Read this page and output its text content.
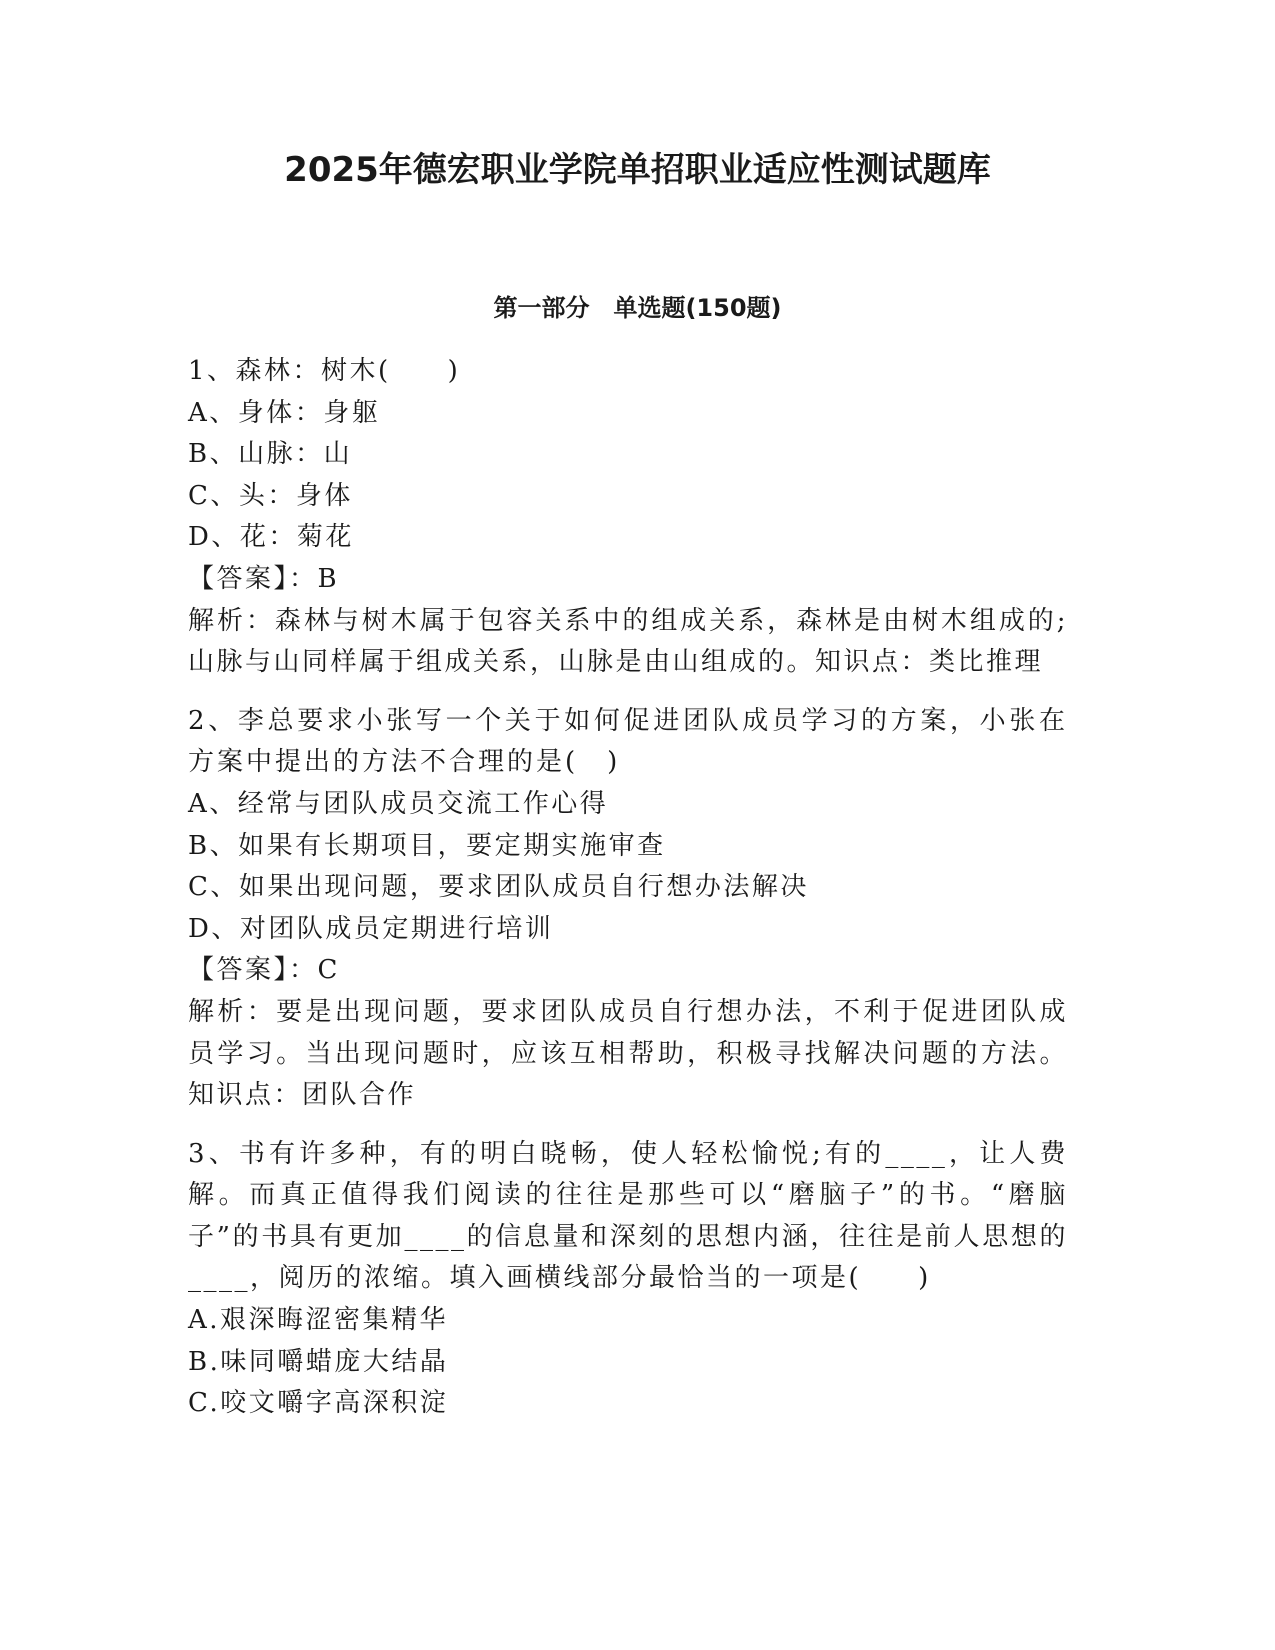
2025年德宏职业学院单招职业适应性测试题库
第一部分　单选题(150题)

1、森林：树木(　　)

A、身体：身躯

B、山脉：山

C、头：身体

D、花：菊花

【答案】：B

解析：森林与树木属于包容关系中的组成关系，森林是由树木组成的;山脉与山同样属于组成关系，山脉是由山组成的。知识点：类比推理

2、李总要求小张写一个关于如何促进团队成员学习的方案，小张在方案中提出的方法不合理的是(　)

A、经常与团队成员交流工作心得

B、如果有长期项目，要定期实施审查

C、如果出现问题，要求团队成员自行想办法解决

D、对团队成员定期进行培训

【答案】：C

解析：要是出现问题，要求团队成员自行想办法，不利于促进团队成员学习。当出现问题时，应该互相帮助，积极寻找解决问题的方法。知识点：团队合作

3、书有许多种，有的明白晓畅，使人轻松愉悦;有的____，让人费解。而真正值得我们阅读的往往是那些可以“磨脑子”的书。“磨脑子”的书具有更加____的信息量和深刻的思想内涵，往往是前人思想的____，阅历的浓缩。填入画横线部分最恰当的一项是(　　)

A.艰深晦涩密集精华

B.味同嚼蜡庞大结晶

C.咬文嚼字高深积淀
